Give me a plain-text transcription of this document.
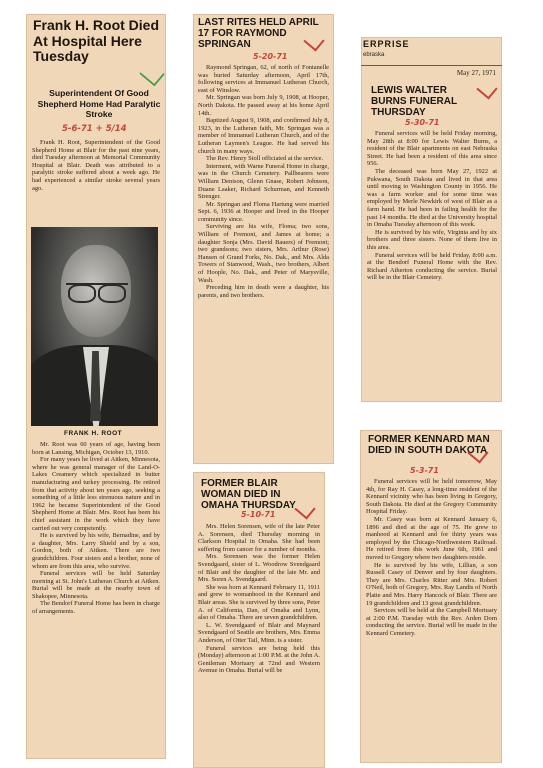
Frank H. Root Died At Hospital Here Tuesday
Superintendent Of Good Shepherd Home Had Paralytic Stroke
5-6-71 + 5/14
Frank H. Root, Superintendent of the Good Shepherd Home at Blair for the past nine years, died Tuesday afternoon at Memorial Community Hospital at Blair. Death was attributed to a paralytic stroke suffered about a week ago. He had experienced a similar stroke several years ago.
FRANK H. ROOT

Mr. Root was 60 years of age, having been born at Lansing, Michigan, October 13, 1910.

For many years he lived at Aitken, Minnesota, where he was general manager of the Land-O-Lakes Creamery which specialized in butter manufacturing and turkey processing. He retired from that activity about ten years ago, seeking a something of a little less strenuous nature and in 1962 he became Superintendent of the Good Shepherd Home at Blair. Mrs. Root has been his chief assistant in the work which they have carried out very competently.

He is survived by his wife, Bernadine, and by a daughter, Mrs. Larry Shield and by a son, Gordon, both of Aitken. There are two grandchildren. Four sisters and a brother, none of whom are from this area, who survive.

Funeral services will be held Saturday morning at St. John's Lutheran Church at Aitken. Burial will be made at the nearby town of Shakopee, Minnesota.

The Bendorf Funeral Home has been in charge of arrangements.

LAST RITES HELD APRIL 17 FOR RAYMOND SPRINGAN
5-20-71

Raymond Springan, 62, of north of Fontanelle was buried Saturday afternoon, April 17th, following services at Immanuel Lutheran Church, east of Winslow.

Mr. Springan was born July 9, 1908, at Hooper, North Dakota. He passed away at his home April 14th.

Baptized August 9, 1908, and confirmed July 8, 1923, in the Lutheran faith, Mr. Springan was a member of Immanuel Lutheran Church, and of the Lutheran Laymen's League. He had served his church in many ways.

The Rev. Henry Stoll officiated at the service.

Interment, with Warne Funeral Home in charge, was in the Church Cemetery. Pallbearers were William Denison, Glenn Gnase, Robert Johnson, Duane Laaker, Richard Schurman, and Kenneth Strenger.

Mr. Springan and Floma Hartung were married Sept. 6, 1936 at Hooper and lived in the Hooper community since.

Surviving are his wife, Floma; two sons, William of Fremont, and James at home; a daughter Sonja (Mrs. David Bauers) of Fremont; two grandsons; two sisters, Mrs. Arthur (Rose) Hansen of Grand Forks, No. Dak., and Mrs. Alda Towers of Stanwood, Wash., two brothers, Albert of Hoople, No. Dak., and Peter of Marysville, Wash.

Preceding him in death were a daughter, his parents, and two brothers.

ERPRISE
ebraska
May 27, 1971
LEWIS WALTER BURNS FUNERAL THURSDAY
5-30-71

Funeral services will be held Friday morning, May 28th at 8:00 for Lewis Walter Burns, a resident of the Blair apartments on east Nebraska Street. He had been a resident of this area since 956.

The deceased was born May 27, 1922 at Pukwana, South Dakota and lived in that area until moving to Washington County in 1956. He was a farm worker and for some time was employed by Merle Newkirk of west of Blair as a farm hand. He had been in failing health for the past 14 months. He died at the University hospital in Omaha Tuesday afternoon of this week.

He is survived by his wife, Virginia and by six brothers and three sisters. None of them live in this area.

Funeral services will be held Friday, 8:00 a.m. at the Bendorf Funeral Home with the Rev. Richard Atherton conducting the service. Burial will be in the Blair Cemetery.

FORMER BLAIR WOMAN DIED IN OMAHA THURSDAY
5-10-71

Mrs. Helen Sorensen, wife of the late Peter A. Sorensen, died Thursday morning in Clarkson Hospital in Omaha. She had been suffering from cancer for a number of months.

Mrs. Sorensen was the former Helen Svendgaard, sister of L. Woodrow Svendgaard of Blair and the daughter of the late Mr. and Mrs. Soren A. Svendgaard.

She was born at Kennard February 11, 1911 and grew to womanhood in the Kennard and Blair areas. She is survived by three sons, Peter A. of California, Dan, of Omaha and Lynn, also of Omaha. There are seven grandchildren.

L. W. Svendgaard of Blair and Maynard Svendgaard of Seattle are brothers, Mrs. Emma Anderson, of Otter Tail, Minn. is a sister.

Funeral services are being held this (Monday) afternoon at 1:00 P.M. at the John A. Gentleman Mortuary at 72nd and Western Avenue in Omaha. Burial will be

FORMER KENNARD MAN DIED IN SOUTH DAKOTA
5-3-71

Funeral services will be held tomorrow, May 4th, for Ray H. Casey, a long-time resident of the Kennard vicinity who has been living in Gregory, South Dakota. He died at the Gregory Community Hospital Friday.

Mr. Casey was born at Kennard January 6, 1896 and died at the age of 75. He grew to manhood at Kennard and for thirty years was employed by the Chicago-Northwestern Railroad. He retired from this work June 6th, 1961 and moved to Gregory where two daughters reside.

He is survived by his wife, Lillian, a son Russell Casey of Denver and by four daughters. They are Mrs. Charles Ritter and Mrs. Robert O'Neil, both of Gregory, Mrs. Ray Landis of North Platte and Mrs. Harry Hancock of Blair. There are 19 grandchildren and 13 great grandchildren.

Services will be held at the Campbell Mortuary at 2:00 P.M. Tuesday with the Rev. Arden Dorn conducting the service. Burial will be made in the Kennard Cemetery.
